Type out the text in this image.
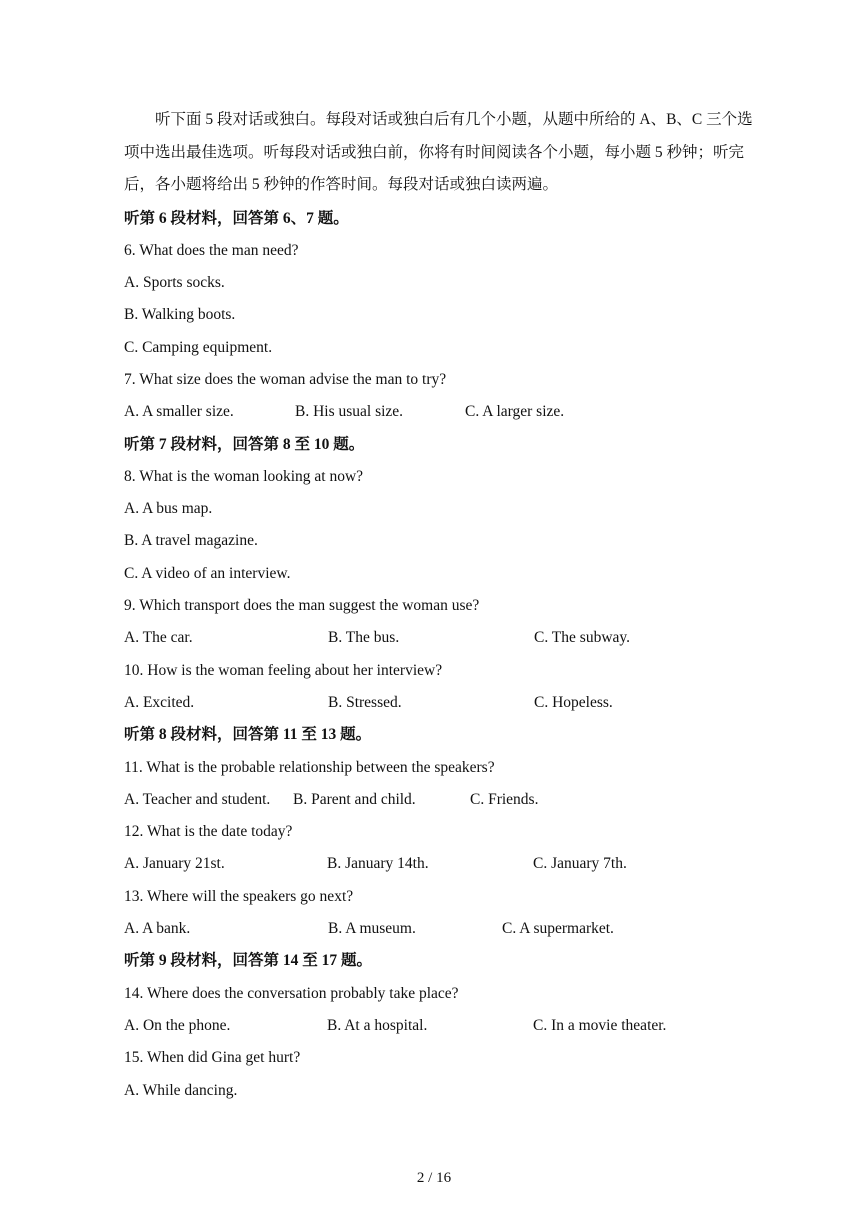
听下面 5 段对话或独白。每段对话或独白后有几个小题，从题中所给的 A、B、C 三个选项中选出最佳选项。听每段对话或独白前，你将有时间阅读各个小题，每小题 5 秒钟；听完后，各小题将给出 5 秒钟的作答时间。每段对话或独白读两遍。

听第 6 段材料，回答第 6、7 题。
6. What does the man need?
A. Sports socks.
B. Walking boots.
C. Camping equipment.
7. What size does the woman advise the man to try?
A. A smaller size.	B. His usual size.	C. A larger size.
听第 7 段材料，回答第 8 至 10 题。
8. What is the woman looking at now?
A. A bus map.
B. A travel magazine.
C. A video of an interview.
9. Which transport does the man suggest the woman use?
A. The car.	B. The bus.	C. The subway.
10. How is the woman feeling about her interview?
A. Excited.	B. Stressed.	C. Hopeless.
听第 8 段材料，回答第 11 至 13 题。
11. What is the probable relationship between the speakers?
A. Teacher and student. B. Parent and child.	C. Friends.
12. What is the date today?
A. January 21st.	B. January 14th.	C. January 7th.
13. Where will the speakers go next?
A. A bank.	B. A museum.	C. A supermarket.
听第 9 段材料，回答第 14 至 17 题。
14. Where does the conversation probably take place?
A. On the phone.	B. At a hospital.	C. In a movie theater.
15. When did Gina get hurt?
A. While dancing.
2 / 16
